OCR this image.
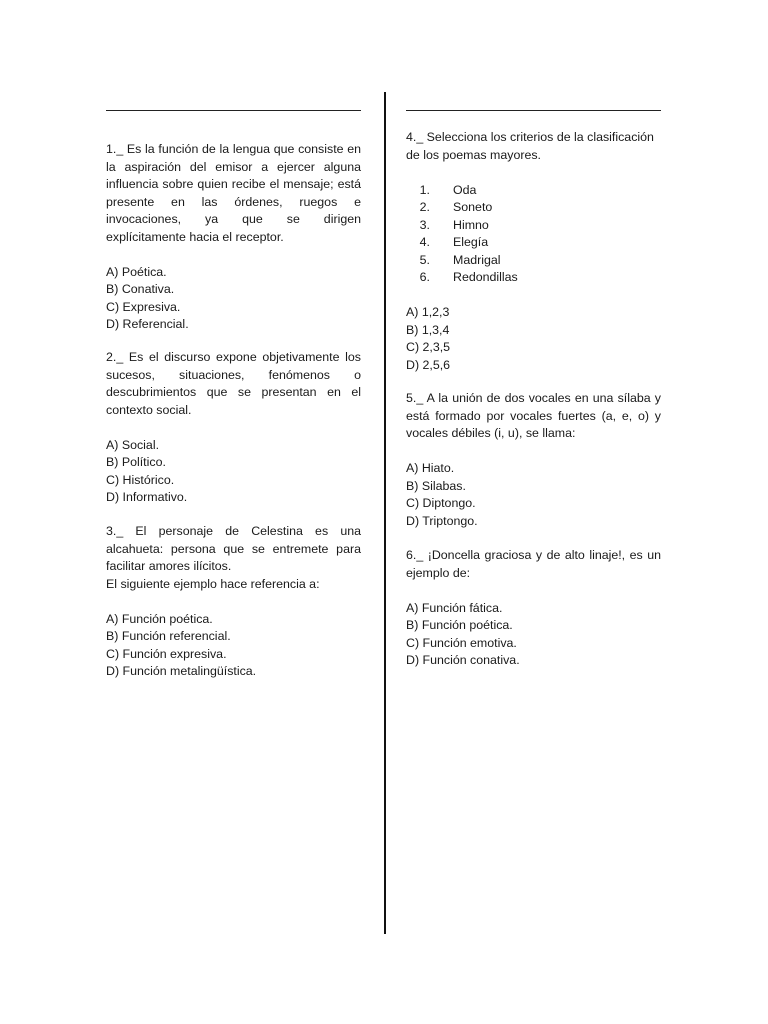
1._ Es la función de la lengua que consiste en la aspiración del emisor a ejercer alguna influencia sobre quien recibe el mensaje; está presente en las órdenes, ruegos e invocaciones, ya que se dirigen explícitamente hacia el receptor.
A) Poética.
B) Conativa.
C) Expresiva.
D) Referencial.
2._ Es el discurso expone objetivamente los sucesos, situaciones, fenómenos o descubrimientos que se presentan en el contexto social.
A) Social.
B) Político.
C) Histórico.
D) Informativo.
3._ El personaje de Celestina es una alcahueta: persona que se entremete para facilitar amores ilícitos.
El siguiente ejemplo hace referencia a:
A) Función poética.
B) Función referencial.
C) Función expresiva.
D) Función metalingüística.
4._ Selecciona los criterios de la clasificación de los poemas mayores.
1. Oda
2. Soneto
3. Himno
4. Elegía
5. Madrigal
6. Redondillas
A) 1,2,3
B) 1,3,4
C) 2,3,5
D) 2,5,6
5._ A la unión de dos vocales en una sílaba y está formado por vocales fuertes (a, e, o) y vocales débiles (i, u), se llama:
A) Hiato.
B) Silabas.
C) Diptongo.
D) Triptongo.
6._ ¡Doncella graciosa y de alto linaje!, es un ejemplo de:
A) Función fática.
B) Función poética.
C) Función emotiva.
D) Función conativa.
